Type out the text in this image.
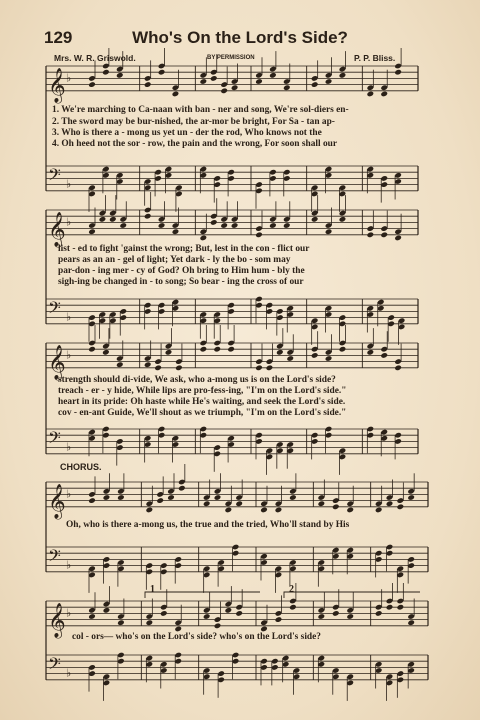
𝄞 ♭
𝄢 ♭
𝄞 ♭
𝄢 ♭
𝄞 ♭
𝄢 ♭
𝄞 ♭
𝄢 ♭
𝄞 ♭
𝄢 ♭
129	Who's On the Lord's Side?
Mrs. W. R. Griswold.	BY PERMISSION	P. P. Bliss.
1. We're marching to Ca-naan with ban - ner and song, We're sol-diers en-
2. The sword may be bur-nished, the ar-mor be bright, For Sa - tan ap-
3. Who is there a - mong us yet un - der the rod, Who knows not the
4. Oh heed not the sor - row, the pain and the wrong, For soon shall our
list - ed to fight 'gainst the wrong; But, lest in the con - flict our
pears as an an - gel of light; Yet dark - ly the bo - som may
par-don - ing mer - cy of God? Oh bring to Him hum - bly the
sigh-ing be changed in - to song; So bear - ing the cross of our
strength should di-vide, We ask, who a-mong us is on the Lord's side?
treach - er - y hide, While lips are pro-fess-ing, "I'm on the Lord's side."
heart in its pride: Oh haste while He's waiting, and seek the Lord's side.
cov - en-ant Guide, We'll shout as we triumph, "I'm on the Lord's side."
CHORUS.
Oh, who is there a-mong us, the true and the tried, Who'll stand by His
col - ors— who's on the Lord's side? who's on the Lord's side?
1	2
